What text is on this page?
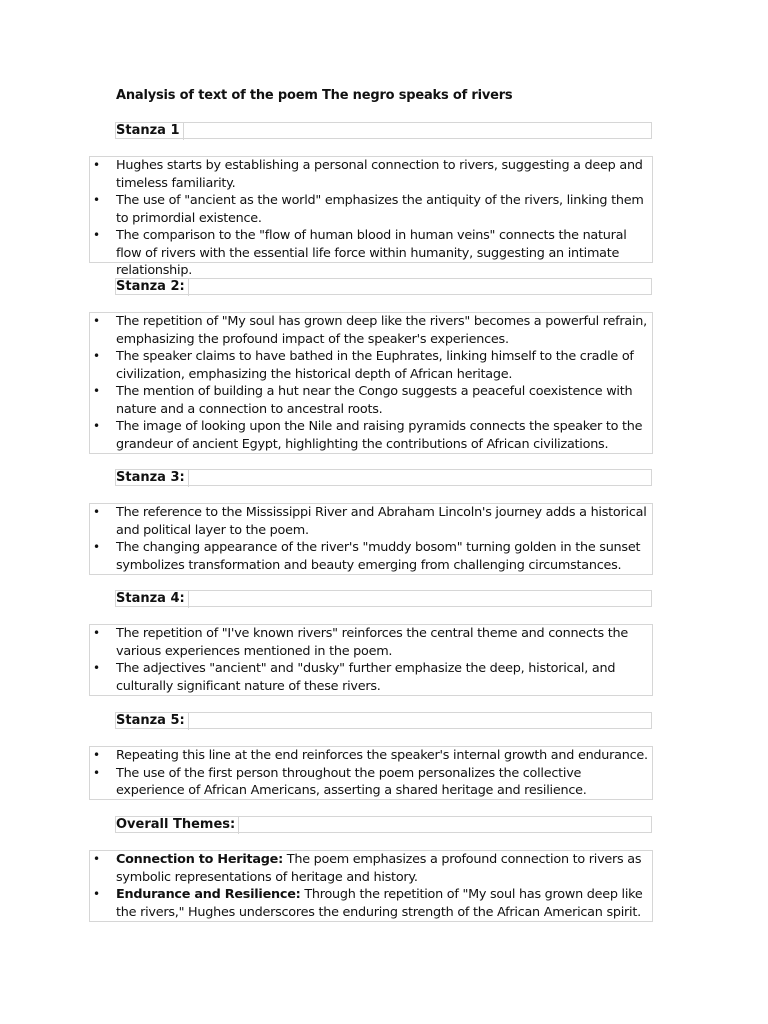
Analysis of text of the poem The negro speaks of rivers
Stanza 1
• Hughes starts by establishing a personal connection to rivers, suggesting a deep and timeless familiarity.
• The use of "ancient as the world" emphasizes the antiquity of the rivers, linking them to primordial existence.
• The comparison to the "flow of human blood in human veins" connects the natural flow of rivers with the essential life force within humanity, suggesting an intimate relationship.
Stanza 2:
• The repetition of "My soul has grown deep like the rivers" becomes a powerful refrain, emphasizing the profound impact of the speaker's experiences.
• The speaker claims to have bathed in the Euphrates, linking himself to the cradle of civilization, emphasizing the historical depth of African heritage.
• The mention of building a hut near the Congo suggests a peaceful coexistence with nature and a connection to ancestral roots.
• The image of looking upon the Nile and raising pyramids connects the speaker to the grandeur of ancient Egypt, highlighting the contributions of African civilizations.
Stanza 3:
• The reference to the Mississippi River and Abraham Lincoln's journey adds a historical and political layer to the poem.
• The changing appearance of the river's "muddy bosom" turning golden in the sunset symbolizes transformation and beauty emerging from challenging circumstances.
Stanza 4:
• The repetition of "I've known rivers" reinforces the central theme and connects the various experiences mentioned in the poem.
• The adjectives "ancient" and "dusky" further emphasize the deep, historical, and culturally significant nature of these rivers.
Stanza 5:
• Repeating this line at the end reinforces the speaker's internal growth and endurance.
• The use of the first person throughout the poem personalizes the collective experience of African Americans, asserting a shared heritage and resilience.
Overall Themes:
• Connection to Heritage: The poem emphasizes a profound connection to rivers as symbolic representations of heritage and history.
• Endurance and Resilience: Through the repetition of "My soul has grown deep like the rivers," Hughes underscores the enduring strength of the African American spirit.
